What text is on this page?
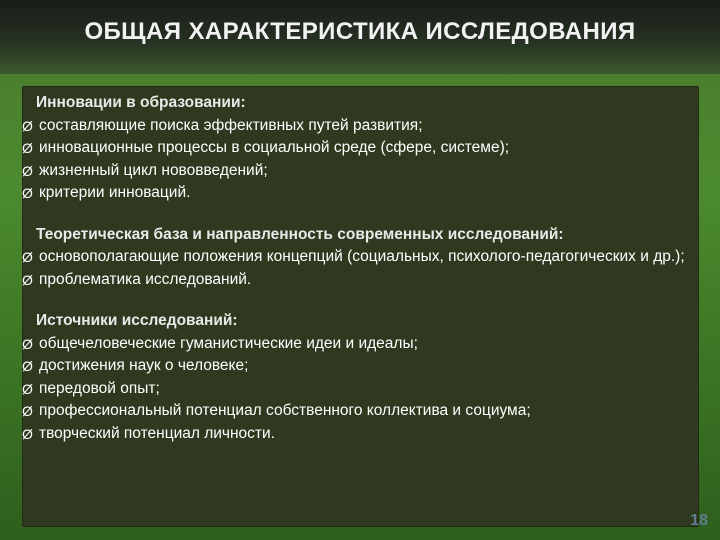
ОБЩАЯ ХАРАКТЕРИСТИКА ИССЛЕДОВАНИЯ
Инновации в образовании:
Ø составляющие поиска эффективных путей развития;
Ø инновационные процессы в социальной среде (сфере, системе);
Ø жизненный цикл нововведений;
Ø критерии инноваций.
Теоретическая база и направленность современных исследований:
Ø основополагающие положения концепций (социальных, психолого-педагогических и др.);
Ø проблематика исследований.
Источники исследований:
Ø общечеловеческие гуманистические идеи и идеалы;
Ø достижения наук о человеке;
Ø передовой опыт;
Ø профессиональный потенциал собственного коллектива и социума;
Ø творческий потенциал личности.
18
